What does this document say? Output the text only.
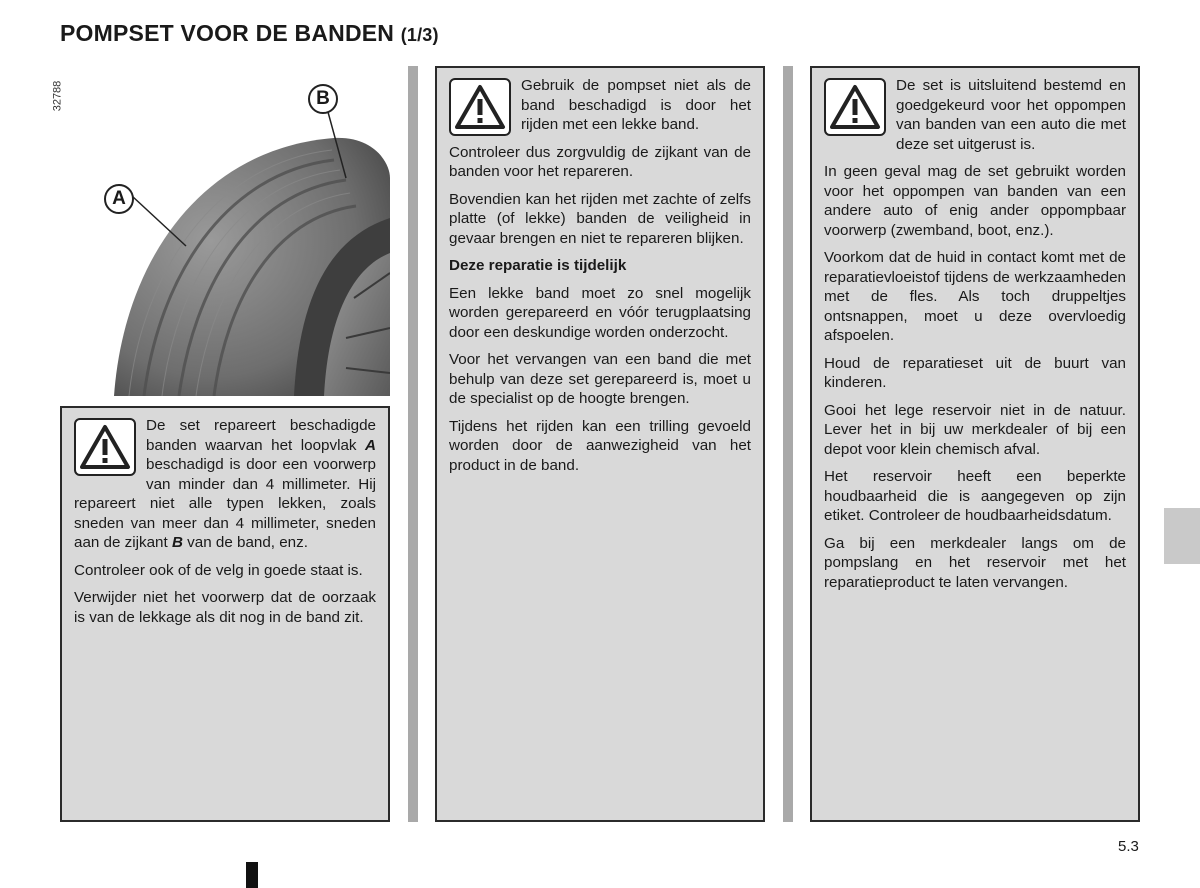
POMPSET VOOR DE BANDEN (1/3)
32788
A
B

De set repareert beschadigde banden waarvan het loopvlak A beschadigd is door een voorwerp van minder dan 4 millimeter. Hij repareert niet alle typen lekken, zoals sneden van meer dan 4 millimeter, sneden aan de zijkant B van de band, enz.

Controleer ook of de velg in goede staat is.

Verwijder niet het voorwerp dat de oorzaak is van de lekkage als dit nog in de band zit.

Gebruik de pompset niet als de band beschadigd is door het rijden met een lekke band.

Controleer dus zorgvuldig de zijkant van de banden voor het repareren.

Bovendien kan het rijden met zachte of zelfs platte (of lekke) banden de veiligheid in gevaar brengen en niet te repareren blijken.

Deze reparatie is tijdelijk

Een lekke band moet zo snel mogelijk worden gerepareerd en vóór terugplaatsing door een deskundige worden onderzocht.

Voor het vervangen van een band die met behulp van deze set gerepareerd is, moet u de specialist op de hoogte brengen.

Tijdens het rijden kan een trilling gevoeld worden door de aanwezigheid van het product in de band.

De set is uitsluitend bestemd en goedgekeurd voor het oppompen van banden van een auto die met deze set uitgerust is.

In geen geval mag de set gebruikt worden voor het oppompen van banden van een andere auto of enig ander oppompbaar voorwerp (zwemband, boot, enz.).

Voorkom dat de huid in contact komt met de reparatievloeistof tijdens de werkzaamheden met de fles. Als toch druppeltjes ontsnappen, moet u deze overvloedig afspoelen.

Houd de reparatieset uit de buurt van kinderen.

Gooi het lege reservoir niet in de natuur. Lever het in bij uw merkdealer of bij een depot voor klein chemisch afval.

Het reservoir heeft een beperkte houdbaarheid die is aangegeven op zijn etiket. Controleer de houdbaarheidsdatum.

Ga bij een merkdealer langs om de pompslang en het reservoir met het reparatieproduct te laten vervangen.

5.3
